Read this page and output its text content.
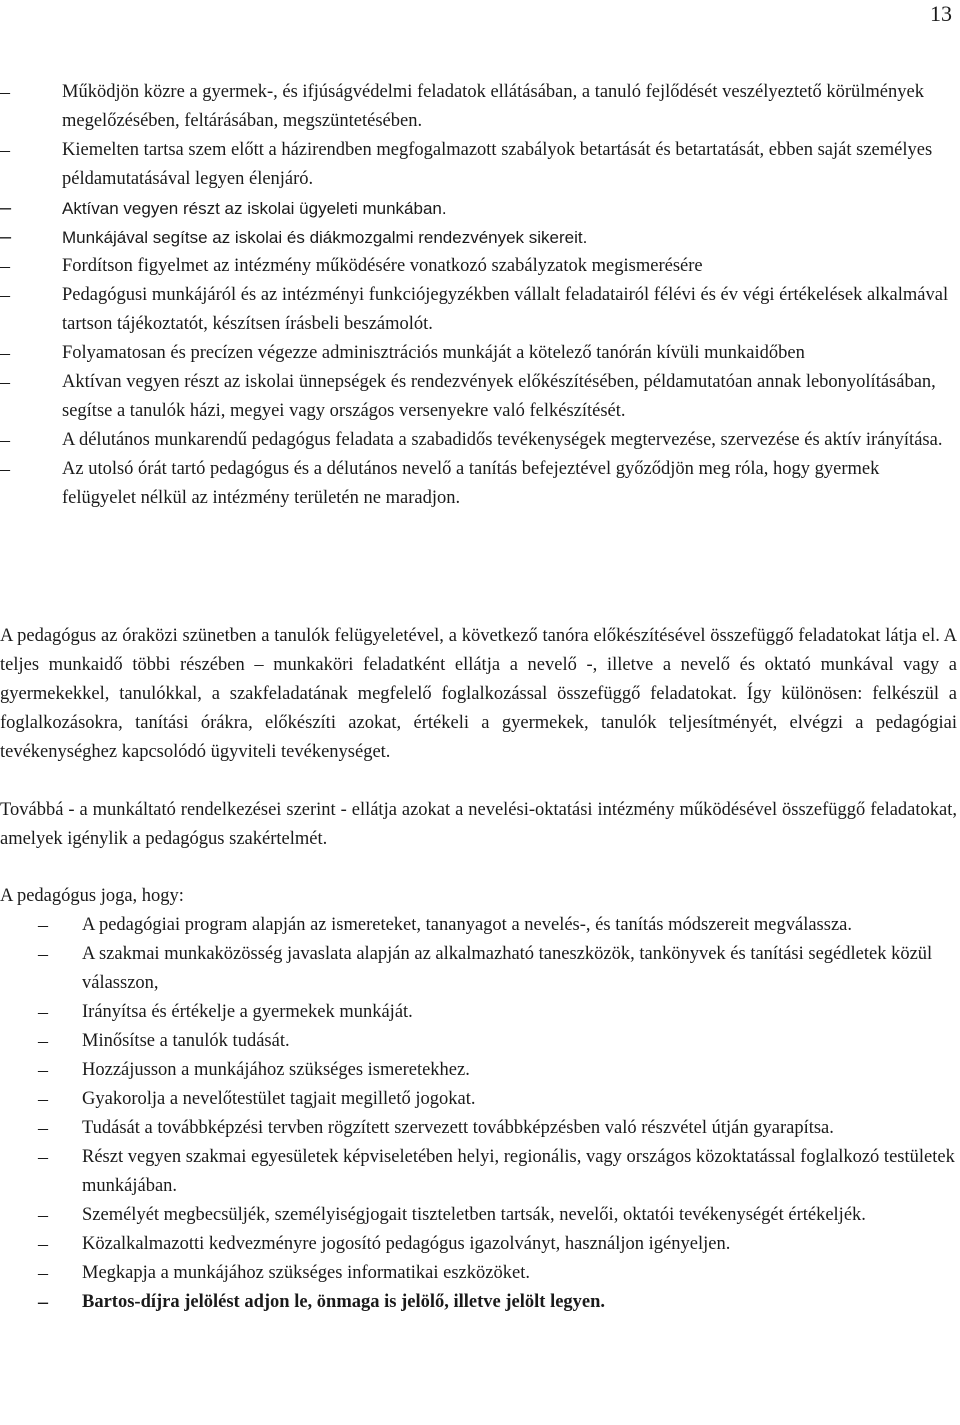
13
–	Működjön közre a gyermek-, és ifjúságvédelmi feladatok ellátásában, a tanuló fejlődését veszélyeztető körülmények megelőzésében, feltárásában, megszüntetésében.
–	Kiemelten tartsa szem előtt a házirendben megfogalmazott szabályok betartását és betartatását, ebben saját személyes példamutatásával legyen élenjáró.
–	Aktívan vegyen részt az iskolai ügyeleti munkában.
–	Munkájával segítse az iskolai és diákmozgalmi rendezvények sikereit.
–	Fordítson figyelmet az intézmény működésére vonatkozó szabályzatok megismerésére
–	Pedagógusi munkájáról és az intézményi funkciójegyzékben vállalt feladatairól félévi és év végi értékelések alkalmával tartson tájékoztatót, készítsen írásbeli beszámolót.
–	Folyamatosan és precízen végezze adminisztrációs munkáját a kötelező tanórán kívüli munkaidőben
–	Aktívan vegyen részt az iskolai ünnepségek és rendezvények előkészítésében, példamutatóan annak lebonyolításában, segítse a tanulók házi, megyei vagy országos versenyekre való felkészítését.
–	A délutános munkarendű pedagógus feladata a szabadidős tevékenységek megtervezése, szervezése és aktív irányítása.
–	Az utolsó órát tartó pedagógus és a délutános nevelő a tanítás befejeztével győződjön meg róla, hogy gyermek felügyelet nélkül az intézmény területén ne maradjon.

A pedagógus az óraközi szünetben a tanulók felügyeletével, a következő tanóra előkészítésével összefüggő feladatokat látja el. A teljes munkaidő többi részében – munkaköri feladatként ellátja a nevelő -, illetve a nevelő és oktató munkával vagy a gyermekekkel, tanulókkal, a szakfeladatának megfelelő foglalkozással összefüggő feladatokat. Így különösen: felkészül a foglalkozásokra, tanítási órákra, előkészíti azokat, értékeli a gyermekek, tanulók teljesítményét, elvégzi a pedagógiai tevékenységhez kapcsolódó ügyviteli tevékenységet.

Továbbá - a munkáltató rendelkezései szerint - ellátja azokat a nevelési-oktatási intézmény működésével összefüggő feladatokat, amelyek igénylik a pedagógus szakértelmét.

A pedagógus joga, hogy:

– A pedagógiai program alapján az ismereteket, tananyagot a nevelés-, és tanítás módszereit megválassza.
– A szakmai munkaközösség javaslata alapján az alkalmazható taneszközök, tankönyvek és tanítási segédletek közül válasszon,
– Irányítsa és értékelje a gyermekek munkáját.
– Minősítse a tanulók tudását.
– Hozzájusson a munkájához szükséges ismeretekhez.
– Gyakorolja a nevelőtestület tagjait megillető jogokat.
– Tudását a továbbképzési tervben rögzített szervezett továbbképzésben való részvétel útján gyarapítsa.
– Részt vegyen szakmai egyesületek képviseletében helyi, regionális, vagy országos közoktatással foglalkozó testületek munkájában.
– Személyét megbecsüljék, személyiségjogait tiszteletben tartsák, nevelői, oktatói tevékenységét értékeljék.
– Közalkalmazotti kedvezményre jogosító pedagógus igazolványt, használjon igényeljen.
– Megkapja a munkájához szükséges informatikai eszközöket.
– Bartos-díjra jelölést adjon le, önmaga is jelölő, illetve jelölt legyen.
